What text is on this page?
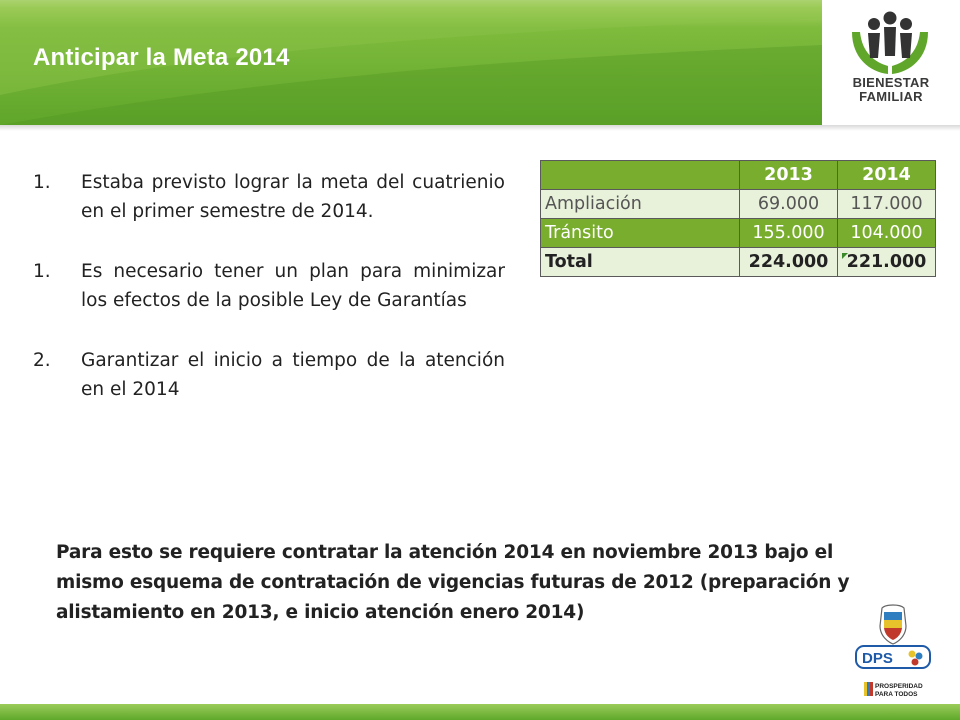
Anticipar la Meta 2014
BIENESTAR
FAMILIAR
1. Estaba previsto lograr la meta del cuatrienio en el primer semestre de 2014.
1. Es necesario tener un plan para minimizar los efectos de la posible Ley de Garantías
2. Garantizar el inicio a tiempo de la atención en el 2014
	2013	2014
Ampliación	69.000	117.000
Tránsito	155.000	104.000
Total	224.000	221.000
Para esto se requiere contratar la atención 2014 en noviembre 2013 bajo el mismo esquema de contratación de vigencias futuras de 2012 (preparación y alistamiento en 2013, e inicio atención enero 2014)
DPS
PROSPERIDAD
PARA TODOS
